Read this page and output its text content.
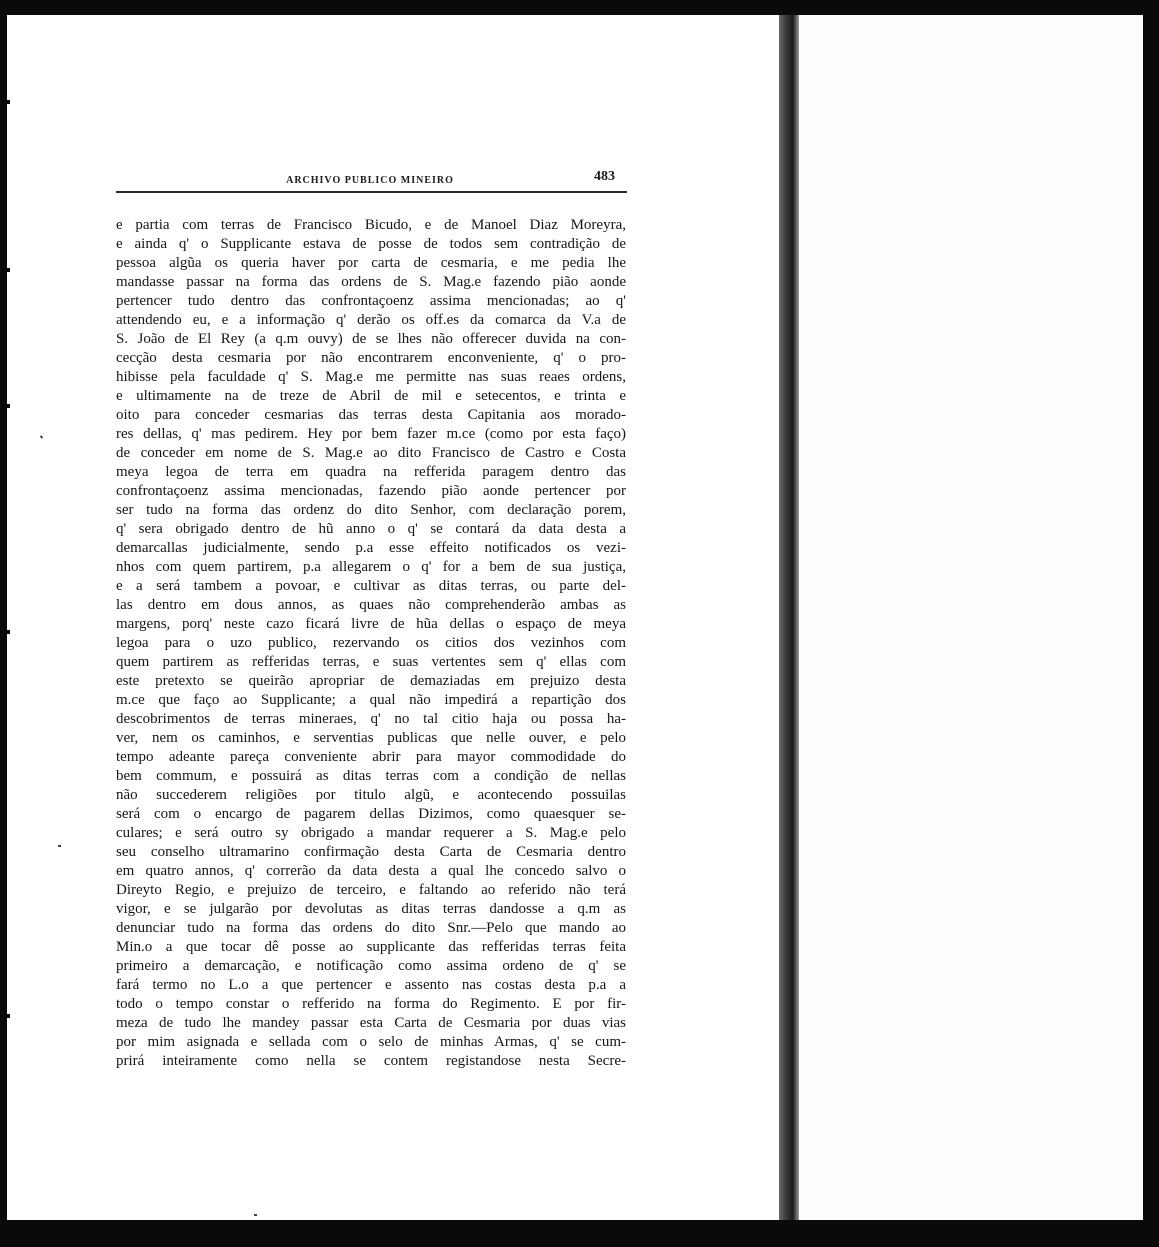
ARCHIVO PUBLICO MINEIRO	483
e partia com terras de Francisco Bicudo, e de Manoel Diaz Moreyra,
e ainda q' o Supplicante estava de posse de todos sem contradição de
pessoa algũa os queria haver por carta de cesmaria, e me pedia lhe
mandasse passar na forma das ordens de S. Mag.e fazendo pião aonde
pertencer tudo dentro das confrontaçoenz assima mencionadas; ao q'
attendendo eu, e a informação q' derão os off.es da comarca da V.a de
S. João de El Rey (a q.m ouvy) de se lhes não offerecer duvida na con-
cecção desta cesmaria por não encontrarem enconveniente, q' o pro-
hibisse pela faculdade q' S. Mag.e me permitte nas suas reaes ordens,
e ultimamente na de treze de Abril de mil e setecentos, e trinta e
oito para conceder cesmarias das terras desta Capitania aos morado-
res dellas, q' mas pedirem. Hey por bem fazer m.ce (como por esta faço)
de conceder em nome de S. Mag.e ao dito Francisco de Castro e Costa
meya legoa de terra em quadra na refferida paragem dentro das
confrontaçoenz assima mencionadas, fazendo pião aonde pertencer por
ser tudo na forma das ordenz do dito Senhor, com declaração porem,
q' sera obrigado dentro de hũ anno o q' se contará da data desta a
demarcallas judicialmente, sendo p.a esse effeito notificados os vezi-
nhos com quem partirem, p.a allegarem o q' for a bem de sua justiça,
e a será tambem a povoar, e cultivar as ditas terras, ou parte del-
las dentro em dous annos, as quaes não comprehenderão ambas as
margens, porq' neste cazo ficará livre de hũa dellas o espaço de meya
legoa para o uzo publico, rezervando os citios dos vezinhos com
quem partirem as refferidas terras, e suas vertentes sem q' ellas com
este pretexto se queirão apropriar de demaziadas em prejuizo desta
m.ce que faço ao Supplicante; a qual não impedirá a repartição dos
descobrimentos de terras mineraes, q' no tal citio haja ou possa ha-
ver, nem os caminhos, e serventias publicas que nelle ouver, e pelo
tempo adeante pareça conveniente abrir para mayor commodidade do
bem commum, e possuirá as ditas terras com a condição de nellas
não succederem religiões por titulo algũ, e acontecendo possuilas
será com o encargo de pagarem dellas Dizimos, como quaesquer se-
culares; e será outro sy obrigado a mandar requerer a S. Mag.e pelo
seu conselho ultramarino confirmação desta Carta de Cesmaria dentro
em quatro annos, q' correrão da data desta a qual lhe concedo salvo o
Direyto Regio, e prejuizo de terceiro, e faltando ao referido não terá
vigor, e se julgarão por devolutas as ditas terras dandosse a q.m as
denunciar tudo na forma das ordens do dito Snr.—Pelo que mando ao
Min.o a que tocar dê posse ao supplicante das refferidas terras feita
primeiro a demarcação, e notificação como assima ordeno de q' se
fará termo no L.o a que pertencer e assento nas costas desta p.a a
todo o tempo constar o refferido na forma do Regimento. E por fir-
meza de tudo lhe mandey passar esta Carta de Cesmaria por duas vias
por mim asignada e sellada com o selo de minhas Armas, q' se cum-
prirá inteiramente como nella se contem registandose nesta Secre-
